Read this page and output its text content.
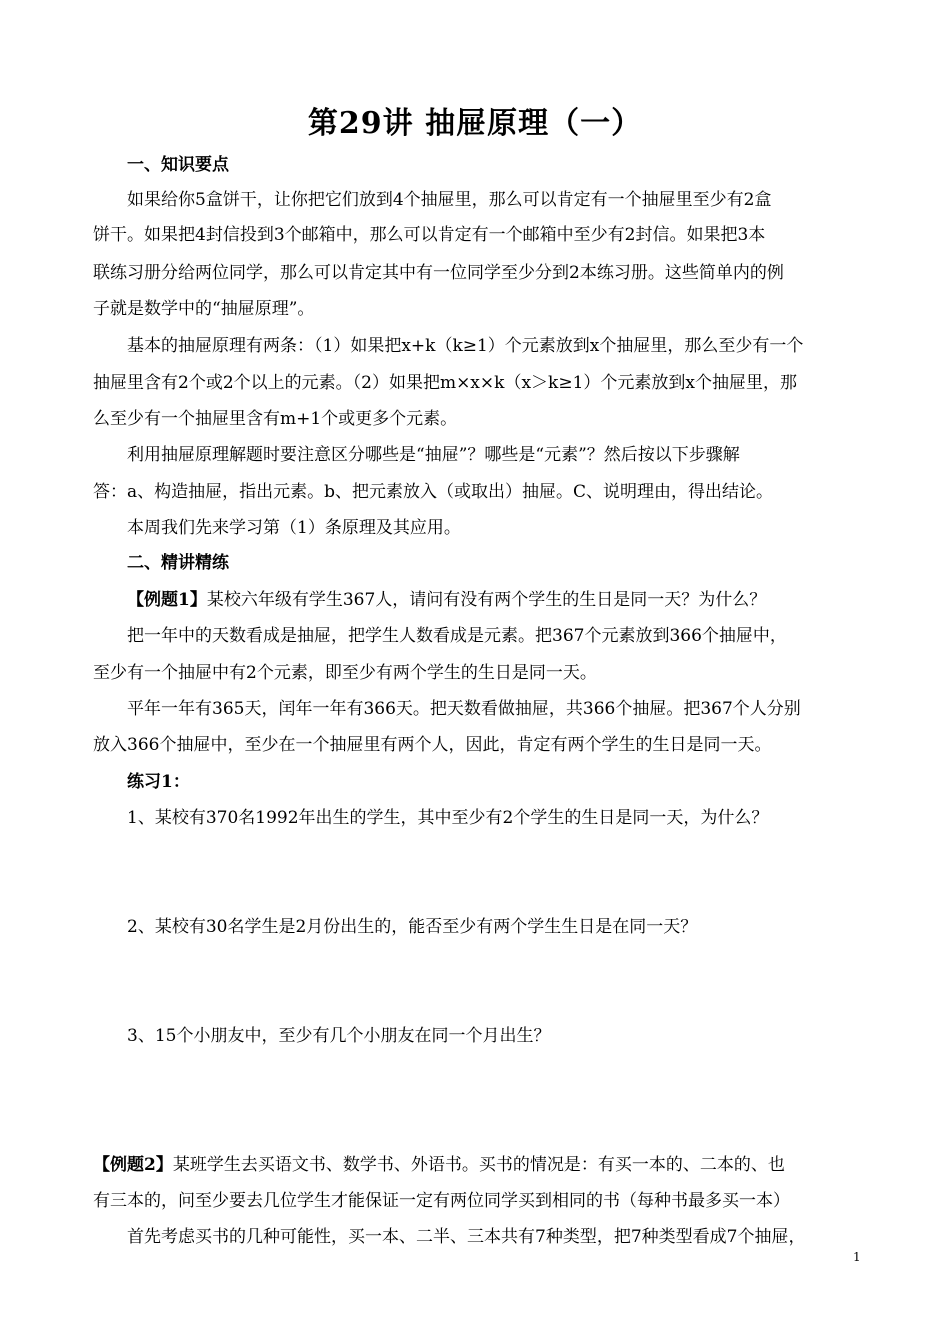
第29讲 抽屉原理（一）
一、知识要点
如果给你5盒饼干，让你把它们放到4个抽屉里，那么可以肯定有一个抽屉里至少有2盒
饼干。如果把4封信投到3个邮箱中，那么可以肯定有一个邮箱中至少有2封信。如果把3本
联练习册分给两位同学，那么可以肯定其中有一位同学至少分到2本练习册。这些简单内的例
子就是数学中的“抽屉原理”。
基本的抽屉原理有两条：（1）如果把x+k（k≥1）个元素放到x个抽屉里，那么至少有一个
抽屉里含有2个或2个以上的元素。（2）如果把m×x×k（x＞k≥1）个元素放到x个抽屉里，那
么至少有一个抽屉里含有m+1个或更多个元素。
利用抽屉原理解题时要注意区分哪些是“抽屉”？哪些是“元素”？然后按以下步骤解
答：a、构造抽屉，指出元素。b、把元素放入（或取出）抽屉。C、说明理由，得出结论。
本周我们先来学习第（1）条原理及其应用。
二、精讲精练
【例题1】某校六年级有学生367人，请问有没有两个学生的生日是同一天？为什么？
把一年中的天数看成是抽屉，把学生人数看成是元素。把367个元素放到366个抽屉中，
至少有一个抽屉中有2个元素，即至少有两个学生的生日是同一天。
平年一年有365天，闰年一年有366天。把天数看做抽屉，共366个抽屉。把367个人分别
放入366个抽屉中，至少在一个抽屉里有两个人，因此，肯定有两个学生的生日是同一天。
练习1：
1、某校有370名1992年出生的学生，其中至少有2个学生的生日是同一天，为什么？
2、某校有30名学生是2月份出生的，能否至少有两个学生生日是在同一天？
3、15个小朋友中，至少有几个小朋友在同一个月出生？
【例题2】某班学生去买语文书、数学书、外语书。买书的情况是：有买一本的、二本的、也
有三本的，问至少要去几位学生才能保证一定有两位同学买到相同的书（每种书最多买一本）
首先考虑买书的几种可能性，买一本、二半、三本共有7种类型，把7种类型看成7个抽屉，
1
